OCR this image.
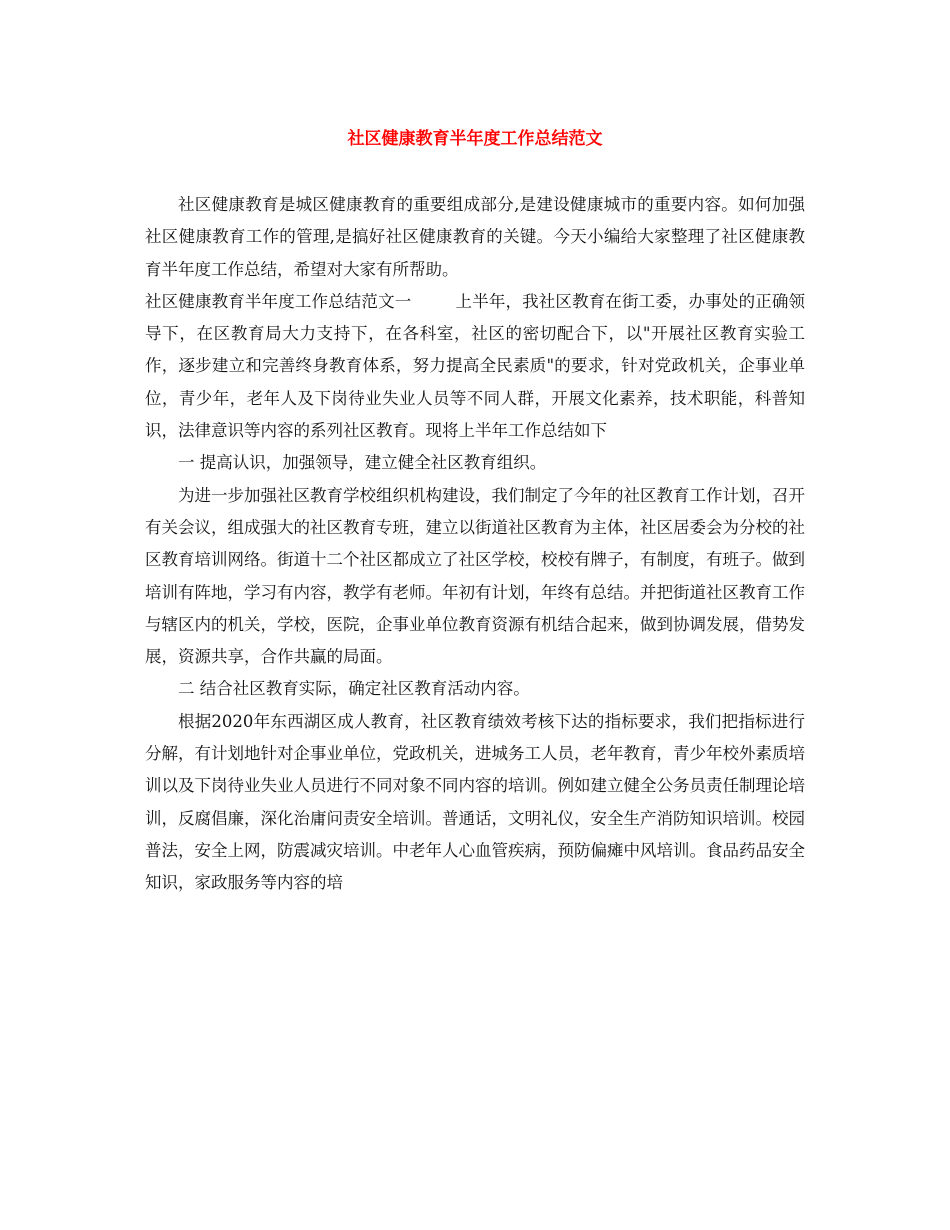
社区健康教育半年度工作总结范文

社区健康教育是城区健康教育的重要组成部分,是建设健康城市的重要内容。如何加强社区健康教育工作的管理,是搞好社区健康教育的关键。今天小编给大家整理了社区健康教育半年度工作总结，希望对大家有所帮助。

社区健康教育半年度工作总结范文一	上半年，我社区教育在街工委，办事处的正确领导下，在区教育局大力支持下，在各科室，社区的密切配合下，以"开展社区教育实验工作，逐步建立和完善终身教育体系，努力提高全民素质"的要求，针对党政机关，企事业单位，青少年，老年人及下岗待业失业人员等不同人群，开展文化素养，技术职能，科普知识，法律意识等内容的系列社区教育。现将上半年工作总结如下

一 提高认识，加强领导，建立健全社区教育组织。

为进一步加强社区教育学校组织机构建设，我们制定了今年的社区教育工作计划，召开有关会议，组成强大的社区教育专班，建立以街道社区教育为主体，社区居委会为分校的社区教育培训网络。街道十二个社区都成立了社区学校，校校有牌子，有制度，有班子。做到培训有阵地，学习有内容，教学有老师。年初有计划，年终有总结。并把街道社区教育工作与辖区内的机关，学校，医院，企事业单位教育资源有机结合起来，做到协调发展，借势发展，资源共享，合作共赢的局面。

二 结合社区教育实际，确定社区教育活动内容。

根据2020年东西湖区成人教育，社区教育绩效考核下达的指标要求，我们把指标进行分解，有计划地针对企事业单位，党政机关，进城务工人员，老年教育，青少年校外素质培训以及下岗待业失业人员进行不同对象不同内容的培训。例如建立健全公务员责任制理论培训，反腐倡廉，深化治庸问责安全培训。普通话，文明礼仪，安全生产消防知识培训。校园普法，安全上网，防震减灾培训。中老年人心血管疾病，预防偏瘫中风培训。食品药品安全知识，家政服务等内容的培
